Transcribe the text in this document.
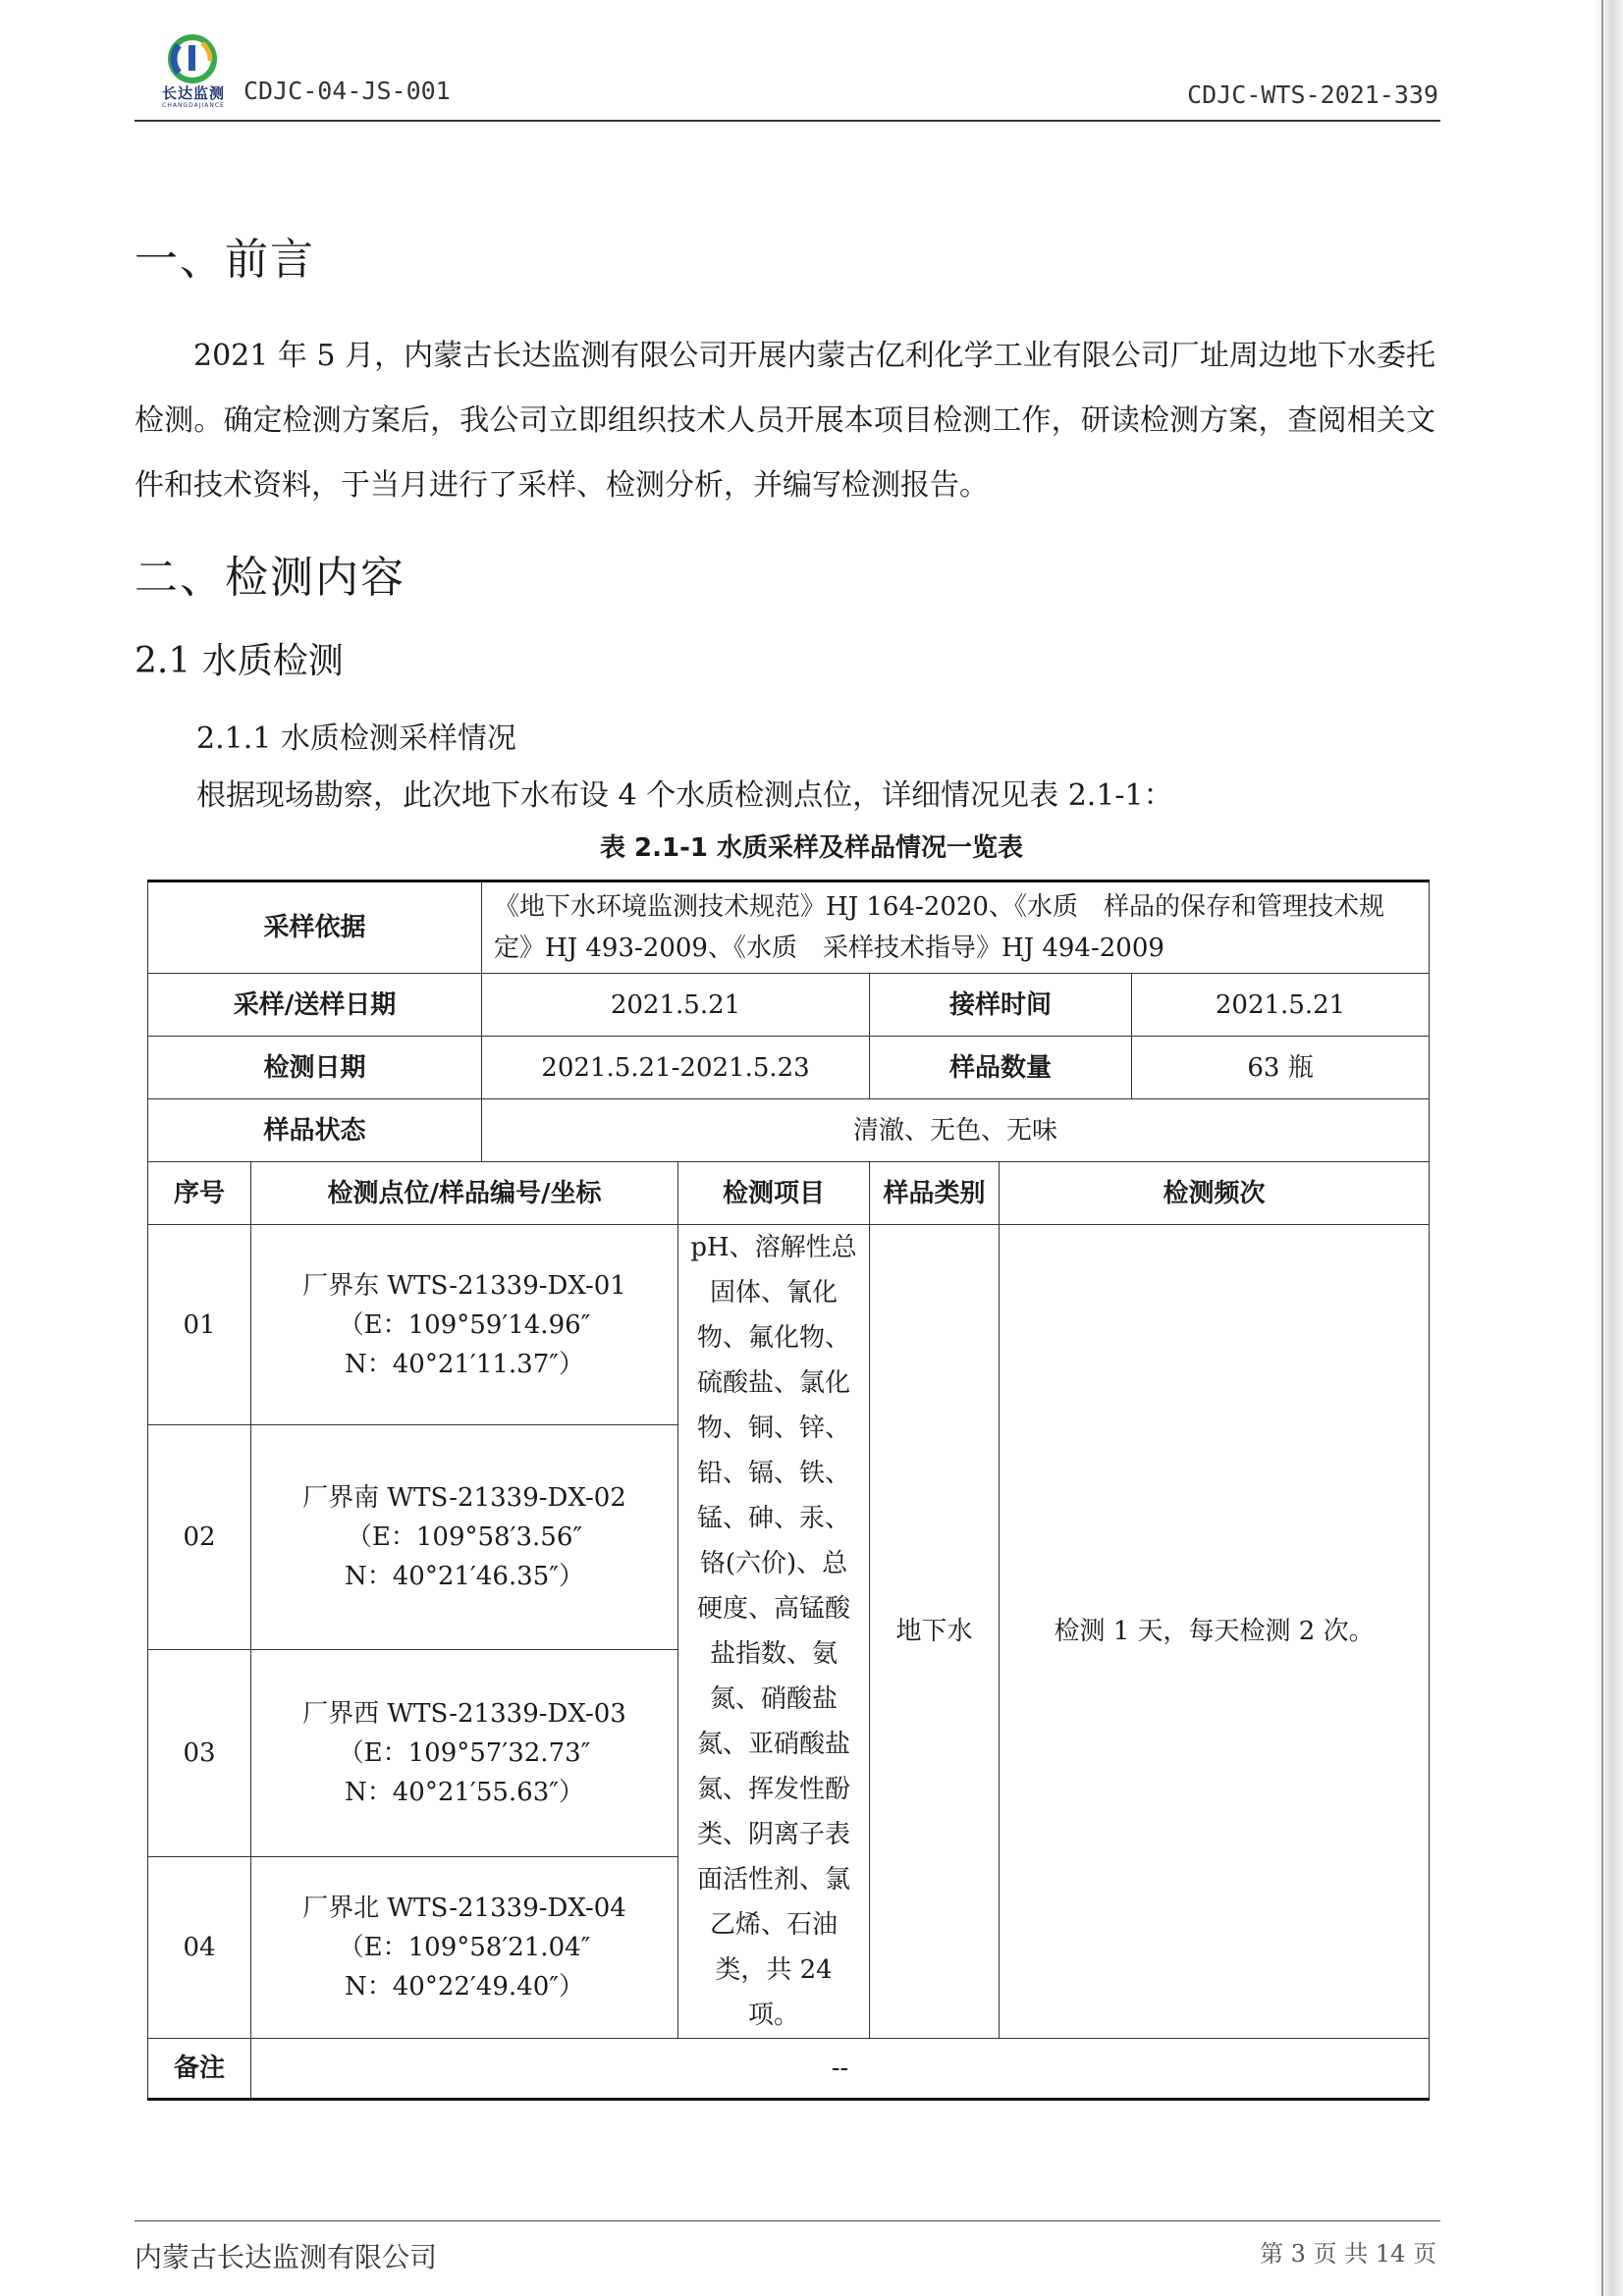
长达监测
CHANGDAJIANCE
CDJC-04-JS-001	CDJC-WTS-2021-339
一、前言

2021 年 5 月，内蒙古长达监测有限公司开展内蒙古亿利化学工业有限公司厂址周边地下水委托检测。确定检测方案后，我公司立即组织技术人员开展本项目检测工作，研读检测方案，查阅相关文件和技术资料，于当月进行了采样、检测分析，并编写检测报告。

二、检测内容
2.1 水质检测
2.1.1 水质检测采样情况
根据现场勘察，此次地下水布设 4 个水质检测点位，详细情况见表 2.1-1：
表 2.1-1 水质采样及样品情况一览表
采样依据		《地下水环境监测技术规范》HJ 164-2020、《水质　样品的保存和管理技术规定》HJ 493-2009、《水质　采样技术指导》HJ 494-2009				
采样/送样日期		2021.5.21		接样时间		2021.5.21
检测日期		2021.5.21-2021.5.23		样品数量		63 瓶
样品状态		清澈、无色、无味				
序号	检测点位/样品编号/坐标		检测项目	样品类别	检测频次	
01	厂界东 WTS-21339-DX-01
（E：109°59′14.96″
N：40°21′11.37″）		pH、溶解性总固体、氰化物、氟化物、硫酸盐、氯化物、铜、锌、铅、镉、铁、锰、砷、汞、铬(六价)、总硬度、高锰酸盐指数、氨氮、硝酸盐氮、亚硝酸盐氮、挥发性酚类、阴离子表面活性剂、氯乙烯、石油类，共 24 项。	地下水	检测 1 天，每天检测 2 次。	
02	厂界南 WTS-21339-DX-02
（E：109°58′3.56″
N：40°21′46.35″）					

03	厂界西 WTS-21339-DX-03
（E：109°57′32.73″
N：40°21′55.63″）					

04	厂界北 WTS-21339-DX-04
（E：109°58′21.04″
N：40°22′49.40″）					

备注	--					
内蒙古长达监测有限公司	第 3 页 共 14 页
